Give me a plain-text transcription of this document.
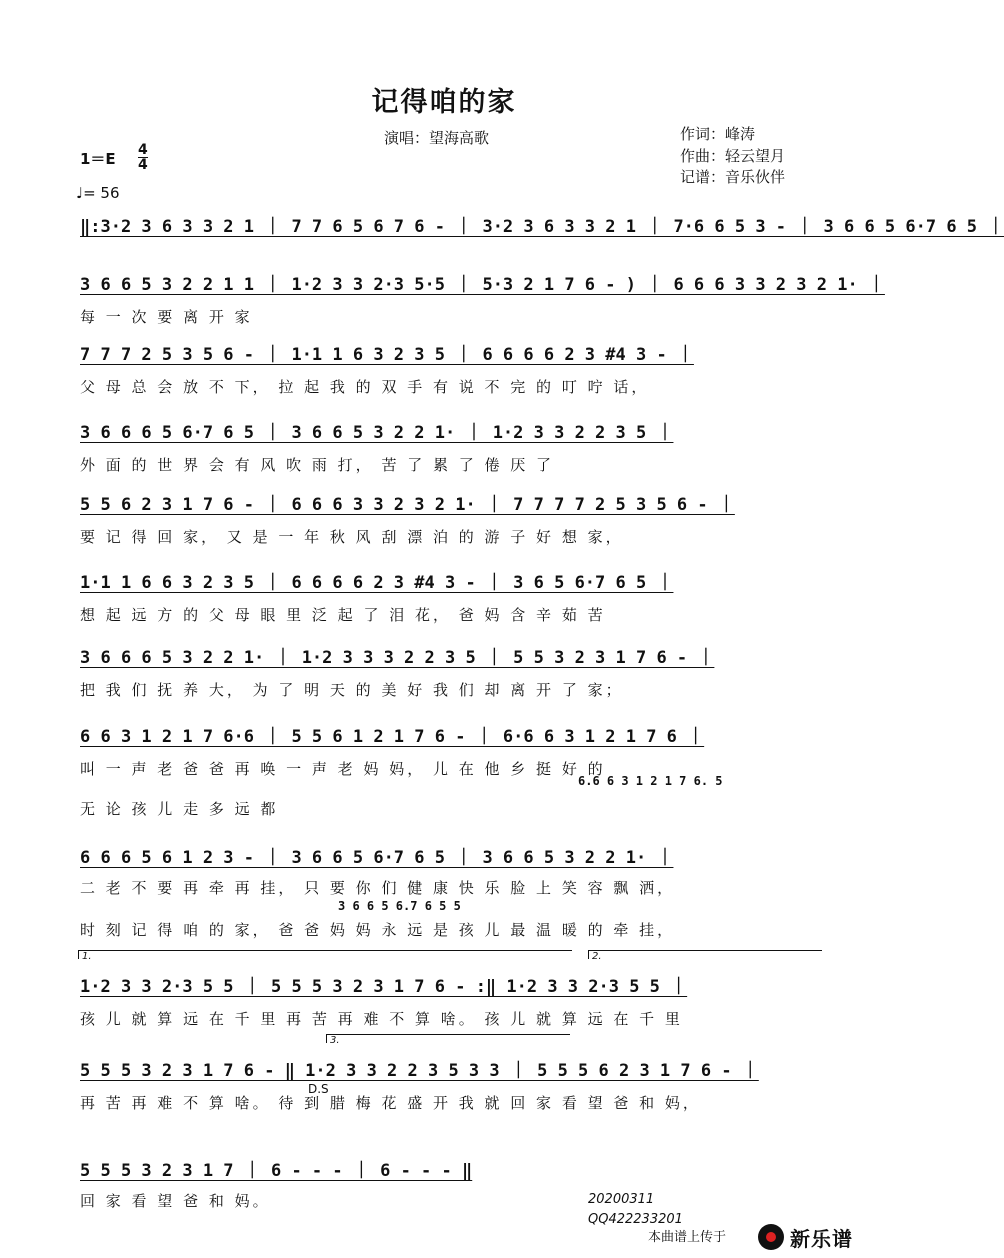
记得咱的家
演唱：望海高歌	作词：峰涛
作曲：轻云望月
记谱：音乐伙伴
1＝E 4
4
♩= 56
‖:3·2 3 6 3 3 2 1 ｜ 7 7 6 5 6 7 6 - ｜ 3·2 3 6 3 3 2 1 ｜ 7·6 6 5 3 - ｜ 3 6 6 5 6·7 6 5 ｜
3 6 6 5 3 2 2 1 1 ｜ 1·2 3 3 2·3 5·5 ｜ 5·3 2 1 7 6 - ) ｜ 6 6 6 3 3 2 3 2 1· ｜
每 一 次 要 离 开 家
7 7 7 2 5 3 5 6 - ｜ 1·1 1 6 3 2 3 5 ｜ 6 6 6 6 2 3 #4 3 - ｜
父 母 总 会 放 不 下， 拉 起 我 的 双 手 有 说 不 完 的 叮 咛 话，
3 6 6 6 5 6·7 6 5 ｜ 3 6 6 5 3 2 2 1· ｜ 1·2 3 3 2 2 3 5 ｜
外 面 的 世 界 会 有 风 吹 雨 打， 苦 了 累 了 倦 厌 了
5 5 6 2 3 1 7 6 - ｜ 6 6 6 3 3 2 3 2 1· ｜ 7 7 7 7 2 5 3 5 6 - ｜
要 记 得 回 家， 又 是 一 年 秋 风 刮 漂 泊 的 游 子 好 想 家，
1·1 1 6 6 3 2 3 5 ｜ 6 6 6 6 2 3 #4 3 - ｜ 3 6 5 6·7 6 5 ｜
想 起 远 方 的 父 母 眼 里 泛 起 了 泪 花， 爸 妈 含 辛 茹 苦
3 6 6 6 5 3 2 2 1· ｜ 1·2 3 3 3 2 2 3 5 ｜ 5 5 3 2 3 1 7 6 - ｜
把 我 们 抚 养 大， 为 了 明 天 的 美 好 我 们 却 离 开 了 家；
6 6 3 1 2 1 7 6·6 ｜ 5 5 6 1 2 1 7 6 - ｜ 6·6 6 3 1 2 1 7 6 ｜
叫 一 声 老 爸 爸 再 唤 一 声 老 妈 妈， 儿 在 他 乡 挺 好 的
6.6 6 3 1 2 1 7 6. 5
无 论 孩 儿 走 多 远 都
6 6 6 5 6 1 2 3 - ｜ 3 6 6 5 6·7 6 5 ｜ 3 6 6 5 3 2 2 1· ｜
二 老 不 要 再 牵 再 挂， 只 要 你 们 健 康 快 乐 脸 上 笑 容 飘 洒，
3 6 6 5 6.7 6 5 5
时 刻 记 得 咱 的 家， 爸 爸 妈 妈 永 远 是 孩 儿 最 温 暖 的 牵 挂，
1.	2.
1·2 3 3 2·3 5 5 ｜ 5 5 5 3 2 3 1 7 6 - :‖ 1·2 3 3 2·3 5 5 ｜
孩 儿 就 算 远 在 千 里 再 苦 再 难 不 算 啥。 孩 儿 就 算 远 在 千 里
3.
5 5 5 3 2 3 1 7 6 - ‖ 1·2 3 3 2 2 3 5 3 3 ｜ 5 5 5 6 2 3 1 7 6 - ｜
再 苦 再 难 不 算 啥。 待 到 腊 梅 花 盛 开 我 就 回 家 看 望 爸 和 妈，
D.S
5 5 5 3 2 3 1 7 ｜ 6 - - - ｜ 6 - - - ‖
回 家 看 望 爸 和 妈。	20200311
QQ422233201
本曲谱上传于	新乐谱
